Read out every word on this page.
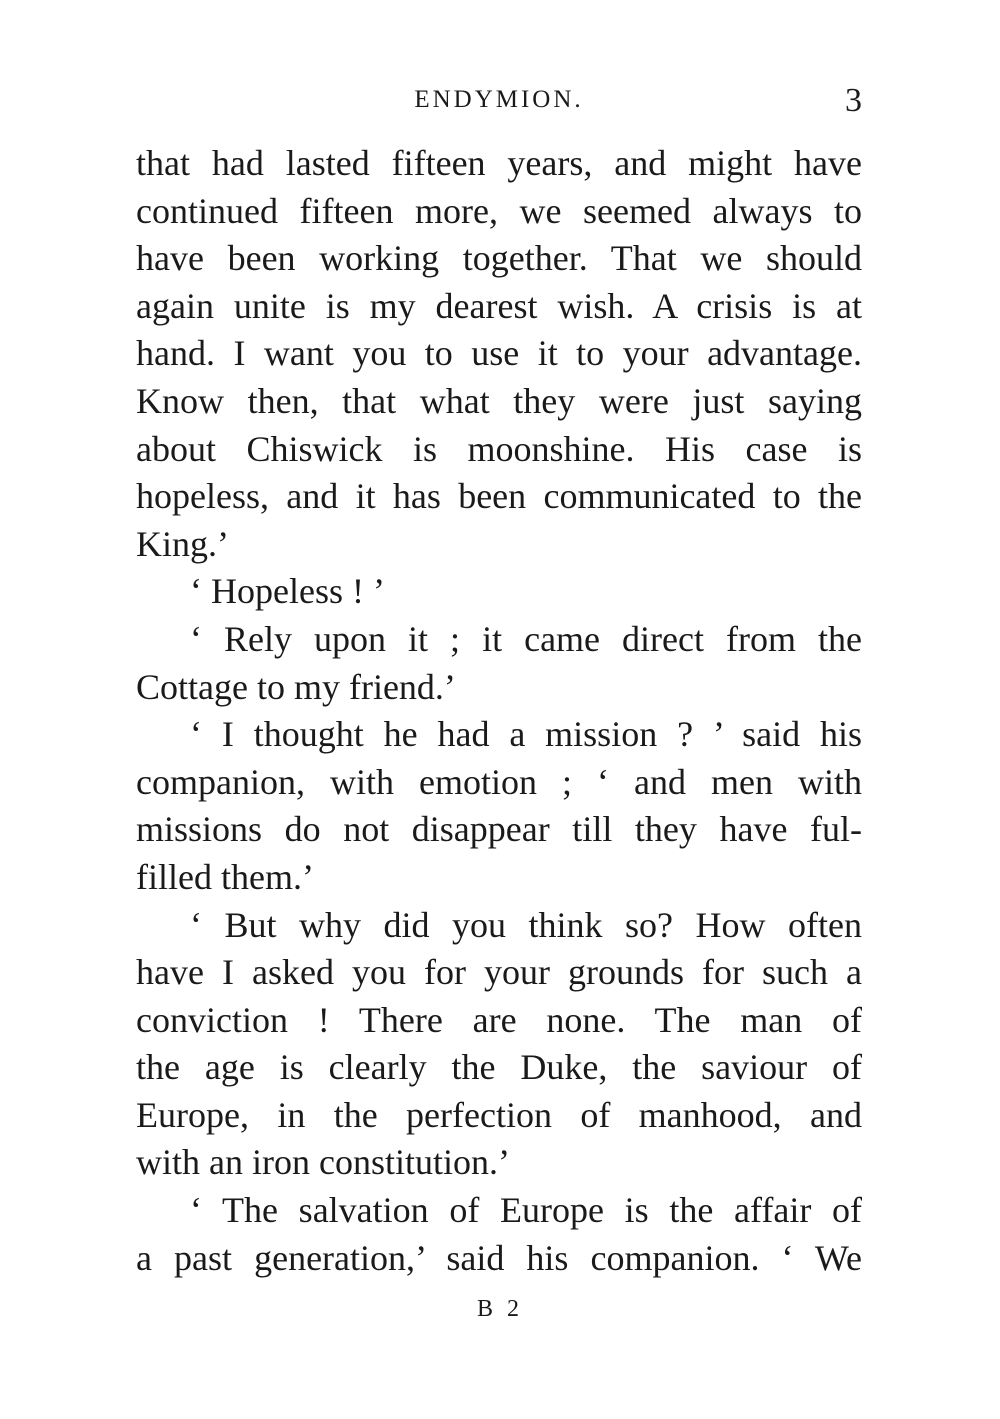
ENDYMION.	3
that had lasted fifteen years, and might have
continued fifteen more, we seemed always to
have been working together. That we should
again unite is my dearest wish. A crisis is at
hand. I want you to use it to your advantage.
Know then, that what they were just saying
about Chiswick is moonshine. His case is
hopeless, and it has been communicated to the
King.’
‘ Hopeless ! ’
‘ Rely upon it ; it came direct from the
Cottage to my friend.’
‘ I thought he had a mission ? ’ said his
companion, with emotion ; ‘ and men with
missions do not disappear till they have ful-
filled them.’
‘ But why did you think so? How often
have I asked you for your grounds for such a
conviction ! There are none. The man of
the age is clearly the Duke, the saviour of
Europe, in the perfection of manhood, and
with an iron constitution.’
‘ The salvation of Europe is the affair of
a past generation,’ said his companion. ‘ We
B 2
